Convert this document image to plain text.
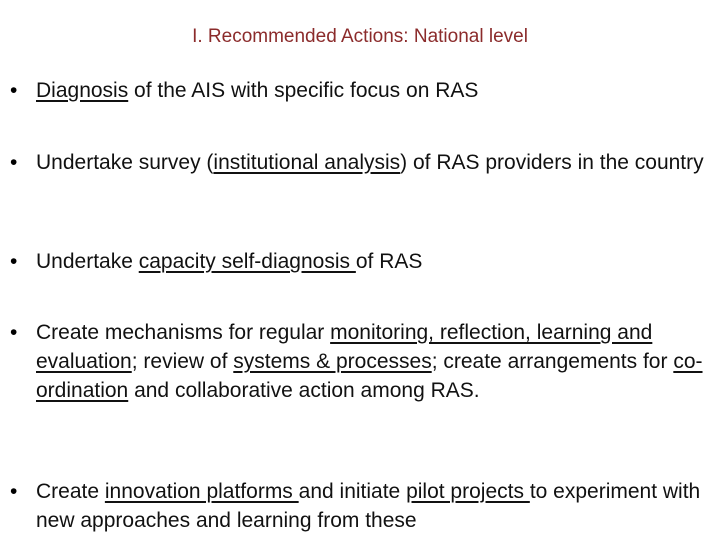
I. Recommended Actions: National level
• Diagnosis of the AIS with specific focus on RAS
• Undertake survey (institutional analysis) of RAS providers in the country
• Undertake capacity self-diagnosis of RAS
• Create mechanisms for regular monitoring, reflection, learning and evaluation; review of systems & processes; create arrangements for co-ordination and collaborative action among RAS.
• Create innovation platforms and initiate pilot projects to experiment with new approaches and learning from these
